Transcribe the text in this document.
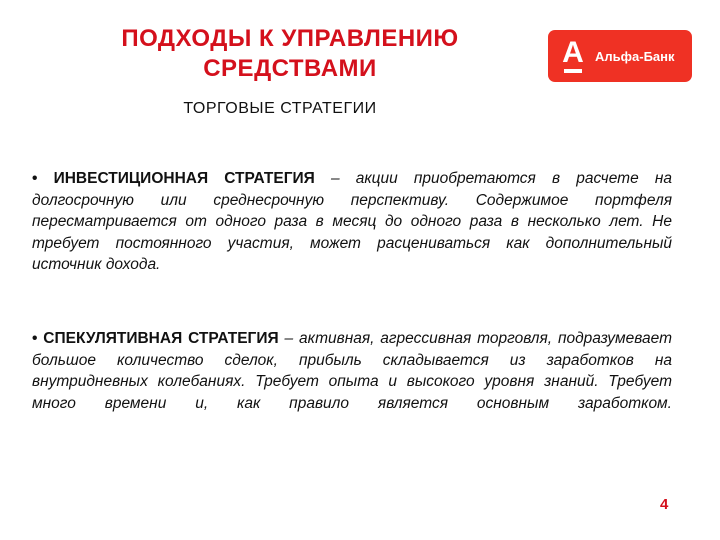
ПОДХОДЫ К УПРАВЛЕНИЮ
СРЕДСТВАМИ	А Альфа-Банк
ТОРГОВЫЕ СТРАТЕГИИ
• ИНВЕСТИЦИОННАЯ СТРАТЕГИЯ – акции приобретаются в расчете на долгосрочную или среднесрочную перспективу. Содержимое портфеля пересматривается от одного раза в месяц до одного раза в несколько лет. Не требует постоянного участия, может расцениваться как дополнительный источник дохода.
• СПЕКУЛЯТИВНАЯ СТРАТЕГИЯ – активная, агрессивная торговля, подразумевает большое количество сделок, прибыль складывается из заработков на внутридневных колебаниях. Требует опыта и высокого уровня знаний. Требует много времени и, как правило является основным заработком.
4
